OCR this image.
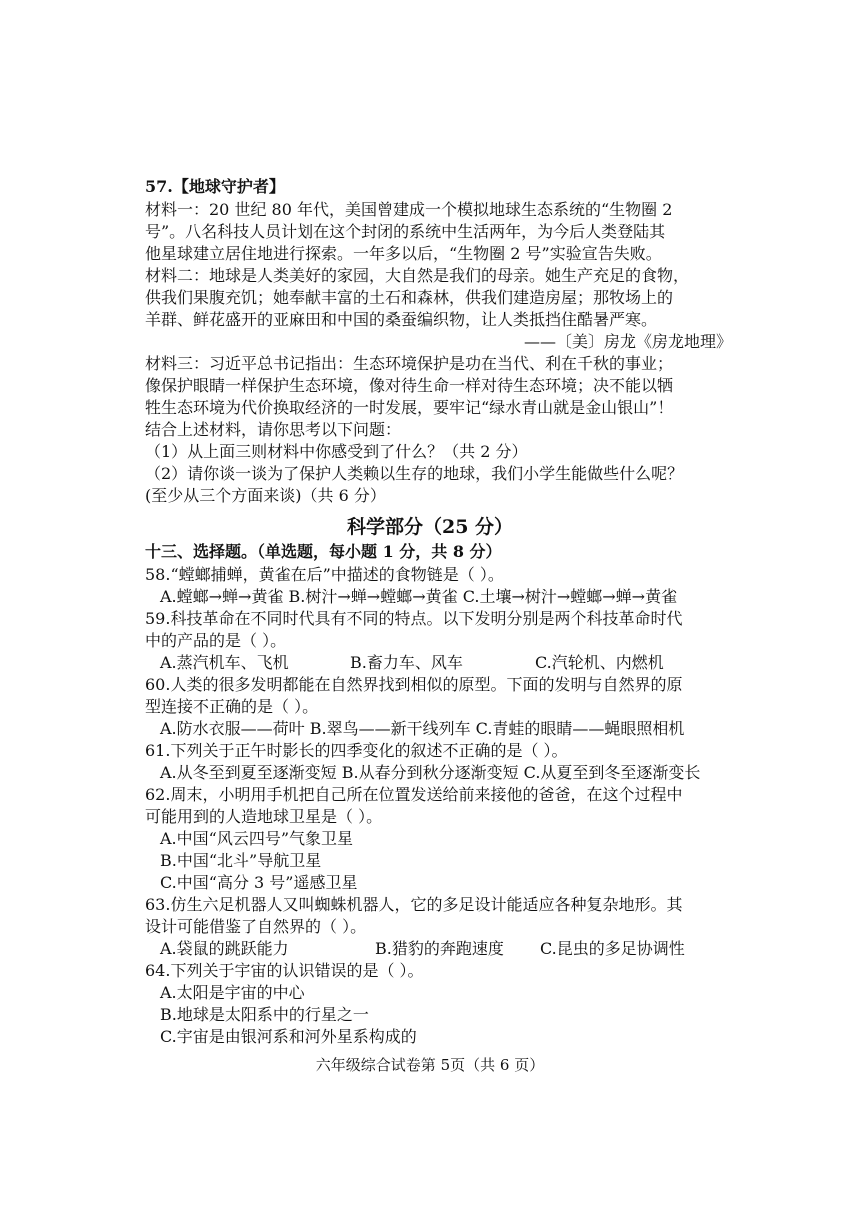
57.【地球守护者】
材料一：20 世纪 80 年代，美国曾建成一个模拟地球生态系统的“生物圈 2
号”。八名科技人员计划在这个封闭的系统中生活两年，为今后人类登陆其
他星球建立居住地进行探索。一年多以后，“生物圈 2 号”实验宣告失败。
材料二：地球是人类美好的家园，大自然是我们的母亲。她生产充足的食物，
供我们果腹充饥；她奉献丰富的土石和森林，供我们建造房屋；那牧场上的
羊群、鲜花盛开的亚麻田和中国的桑蚕编织物，让人类抵挡住酷暑严寒。
——〔美〕房龙《房龙地理》
材料三：习近平总书记指出：生态环境保护是功在当代、利在千秋的事业；
像保护眼睛一样保护生态环境，像对待生命一样对待生态环境；决不能以牺
牲生态环境为代价换取经济的一时发展，要牢记“绿水青山就是金山银山”！
结合上述材料，请你思考以下问题：
（1）从上面三则材料中你感受到了什么？（共 2 分）
（2）请你谈一谈为了保护人类赖以生存的地球，我们小学生能做些什么呢？
(至少从三个方面来谈)（共 6 分）
科学部分（25 分）
十三、选择题。（单选题，每小题 1 分，共 8 分）
58.“螳螂捕蝉，黄雀在后”中描述的食物链是（ ）。
A.螳螂→蝉→黄雀 B.树汁→蝉→螳螂→黄雀 C.土壤→树汁→螳螂→蝉→黄雀
59.科技革命在不同时代具有不同的特点。以下发明分别是两个科技革命时代
中的产品的是（ ）。
A.蒸汽机车、飞机	B.畜力车、风车	C.汽轮机、内燃机
60.人类的很多发明都能在自然界找到相似的原型。下面的发明与自然界的原
型连接不正确的是（ ）。
A.防水衣服——荷叶 B.翠鸟——新干线列车 C.青蛙的眼睛——蝇眼照相机
61.下列关于正午时影长的四季变化的叙述不正确的是（ ）。
A.从冬至到夏至逐渐变短 B.从春分到秋分逐渐变短 C.从夏至到冬至逐渐变长
62.周末，小明用手机把自己所在位置发送给前来接他的爸爸，在这个过程中
可能用到的人造地球卫星是（ ）。
A.中国“风云四号”气象卫星
B.中国“北斗”导航卫星
C.中国“高分 3 号”遥感卫星
63.仿生六足机器人又叫蜘蛛机器人，它的多足设计能适应各种复杂地形。其
设计可能借鉴了自然界的（ ）。
A.袋鼠的跳跃能力	B.猎豹的奔跑速度 C.昆虫的多足协调性
64.下列关于宇宙的认识错误的是（ ）。
A.太阳是宇宙的中心
B.地球是太阳系中的行星之一
C.宇宙是由银河系和河外星系构成的
六年级综合试卷第 5页（共 6 页）
